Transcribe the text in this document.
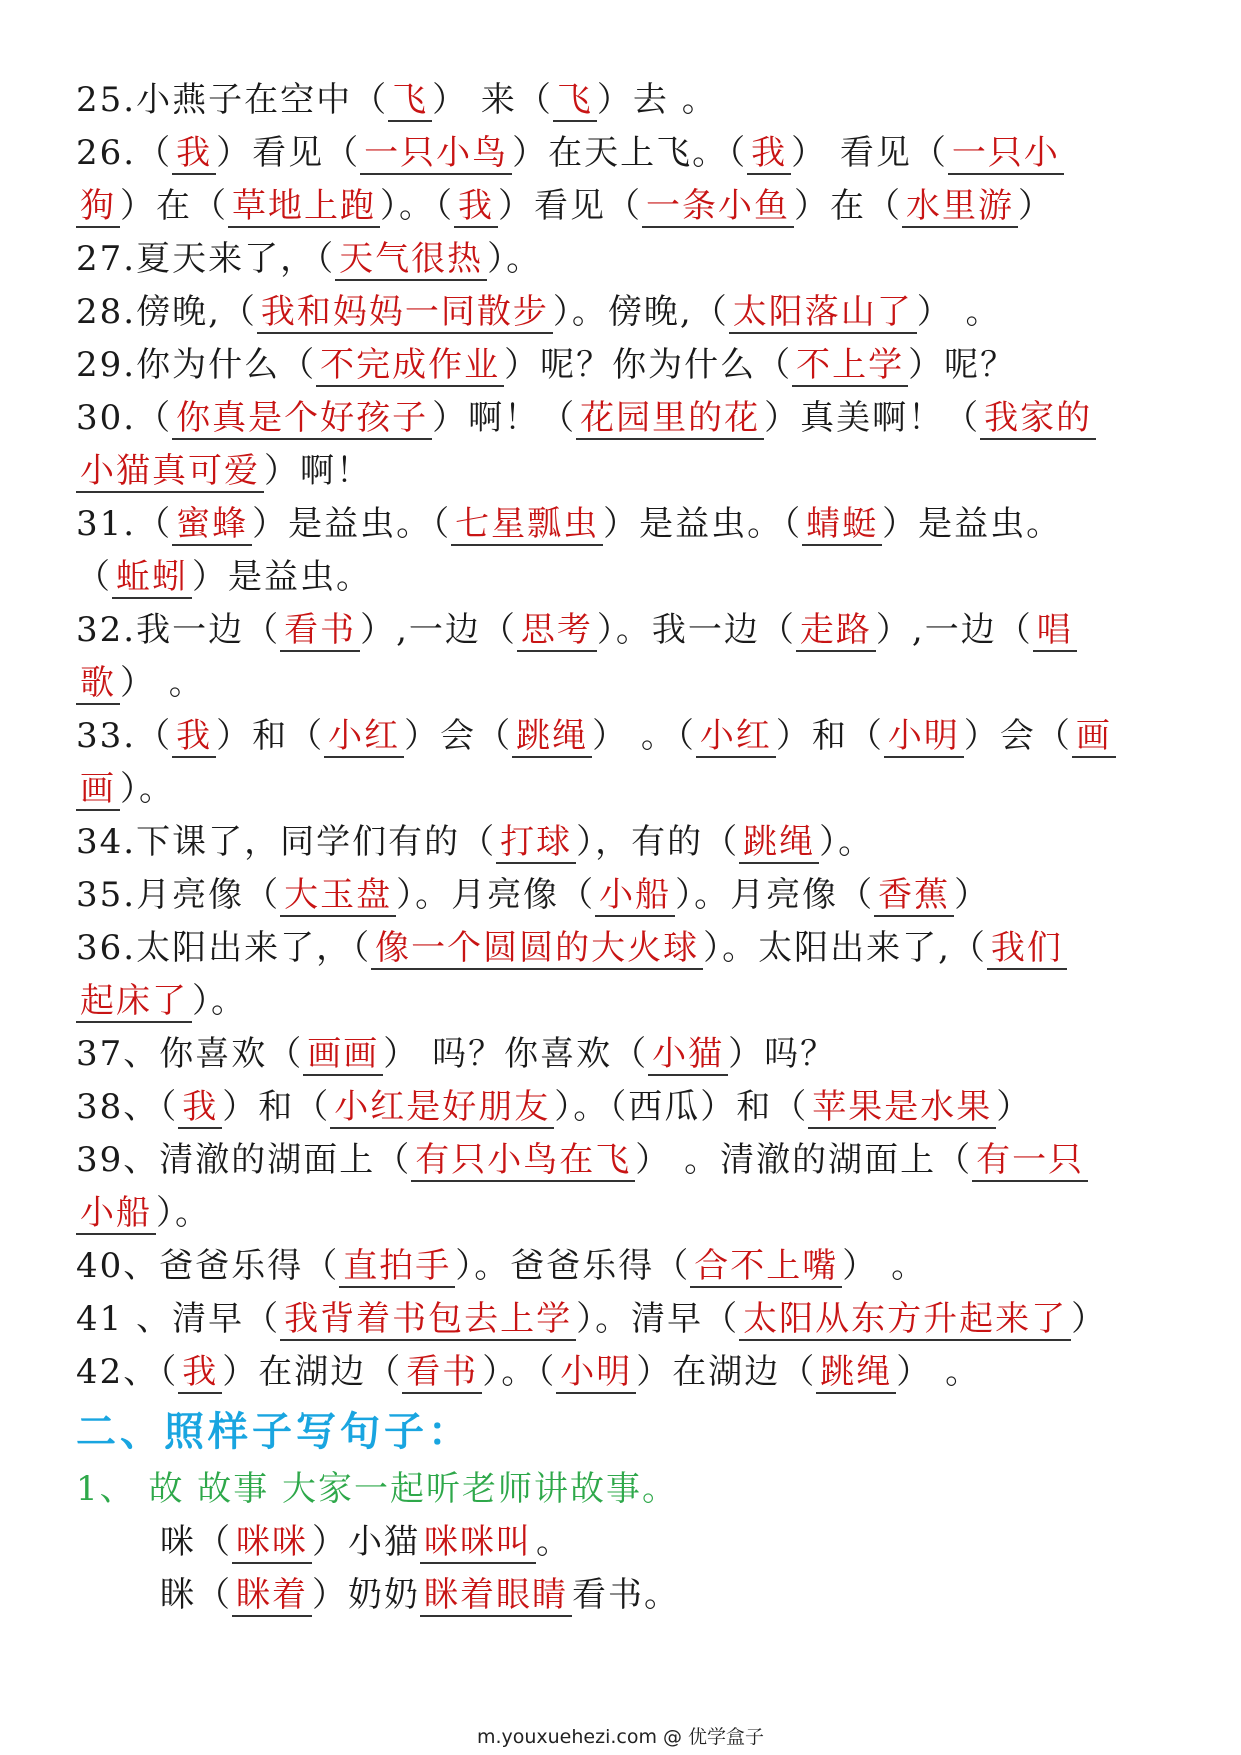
25.小燕子在空中（ 飞 ） 来（ 飞 ）去 。
26.（ 我 ）看见（ 一只小鸟 ）在天上飞。（ 我 ） 看见（ 一只小
狗 ）在（ 草地上跑 ）。（ 我 ）看见（ 一条小鱼 ）在（ 水里游 ）
27.夏天来了，（ 天气很热 ）。
28.傍晚,（ 我和妈妈一同散步 ）。傍晚,（ 太阳落山了 ） 。
29.你为什么（ 不完成作业 ）呢？你为什么（ 不上学 ）呢？
30.（ 你真是个好孩子 ）啊！（ 花园里的花 ）真美啊！（ 我家的
小猫真可爱 ）啊！
31.（ 蜜蜂 ）是益虫。（ 七星瓢虫 ）是益虫。（ 蜻蜓 ）是益虫。
（ 蚯蚓 ）是益虫。
32.我一边（ 看书 ）,一边（ 思考 ）。我一边（ 走路 ）,一边（ 唱
歌 ） 。
33.（ 我 ）和（ 小红 ）会（ 跳绳 ） 。（ 小红 ）和（ 小明 ）会（ 画
画 ）。
34.下课了，同学们有的（ 打球 ），有的（ 跳绳 ）。
35.月亮像（ 大玉盘 ）。月亮像（ 小船 ）。月亮像（ 香蕉 ）
36.太阳出来了，（ 像一个圆圆的大火球 ）。太阳出来了,（ 我们
起床了 ）。
37、你喜欢（ 画画 ） 吗？你喜欢（ 小猫 ）吗？
38、（ 我 ）和（ 小红是好朋友 ）。（西瓜）和（ 苹果是水果 ）
39、清澈的湖面上（ 有只小鸟在飞 ） 。清澈的湖面上（ 有一只
小船 ）。
40、爸爸乐得（ 直拍手 ）。爸爸乐得（ 合不上嘴 ） 。
41 、清早（ 我背着书包去上学 ）。清早（ 太阳从东方升起来了 ）
42、（ 我 ）在湖边（ 看书 ）。（ 小明 ）在湖边（ 跳绳 ） 。
二、照样子写句子：
1、 故 故事 大家一起听老师讲故事。
咪（ 咪咪 ）小猫 咪咪叫 。
眯（ 眯着 ）奶奶 眯着眼睛 看书。
m.youxuehezi.com @ 优学盒子
